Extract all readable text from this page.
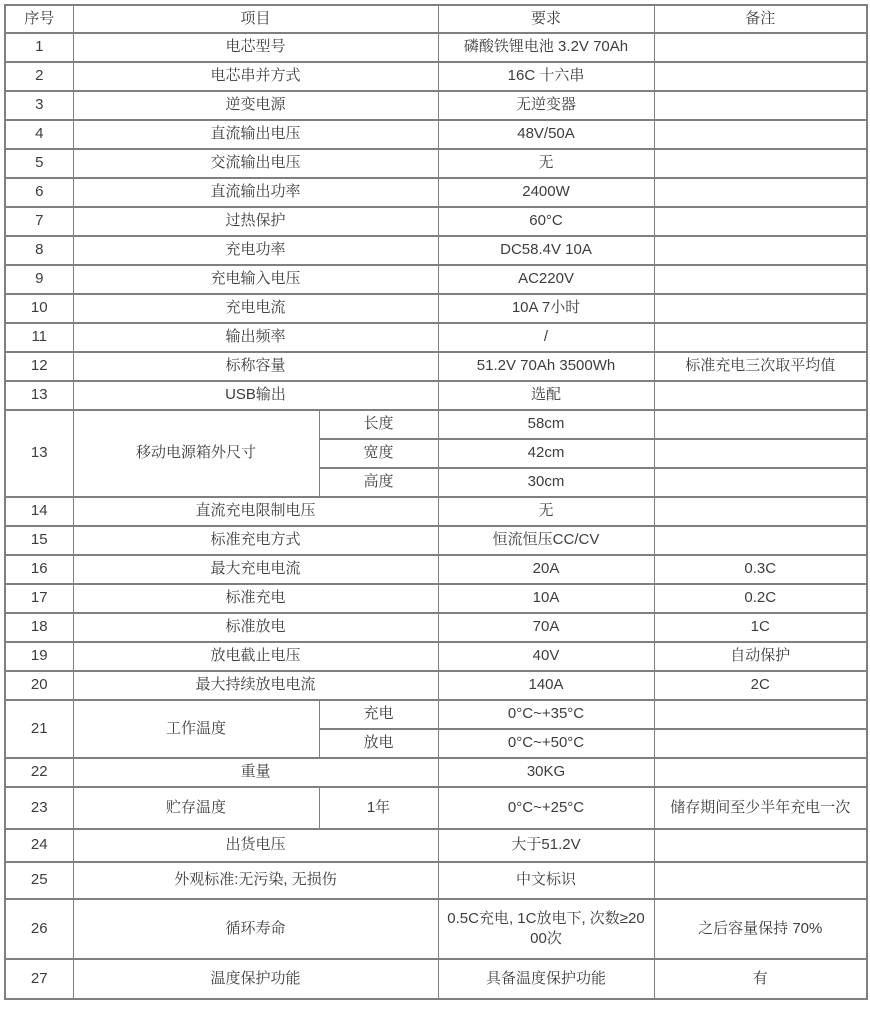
序号	项目		要求	备注
1	电芯型号		磷酸铁锂电池 3.2V 70Ah	
2	电芯串并方式		16C 十六串	
3	逆变电源		无逆变器	
4	直流输出电压		48V/50A	
5	交流输出电压		无	
6	直流输出功率		2400W	
7	过热保护		60°C	
8	充电功率		DC58.4V 10A	
9	充电输入电压		AC220V	
10	充电电流		10A 7小时	
11	输出频率		/	
12	标称容量		51.2V 70Ah 3500Wh	标准充电三次取平均值
13	USB输出		选配	
13	移动电源箱外尺寸	长度	58cm	
		宽度	42cm	
		高度	30cm	
14	直流充电限制电压		无	
15	标准充电方式		恒流恒压CC/CV	
16	最大充电电流		20A	0.3C
17	标准充电		10A	0.2C
18	标准放电		70A	1C
19	放电截止电压		40V	自动保护
20	最大持续放电电流		140A	2C
21	工作温度	充电	0°C~+35°C	
		放电	0°C~+50°C	
22	重量		30KG	
23	贮存温度	1年	0°C~+25°C	储存期间至少半年充电一次
24	出货电压		大于51.2V	
25	外观标准:无污染, 无损伤		中文标识	
26	循环寿命		0.5C充电, 1C放电下, 次数≥2000次	之后容量保持 70%
27	温度保护功能		具备温度保护功能	有
